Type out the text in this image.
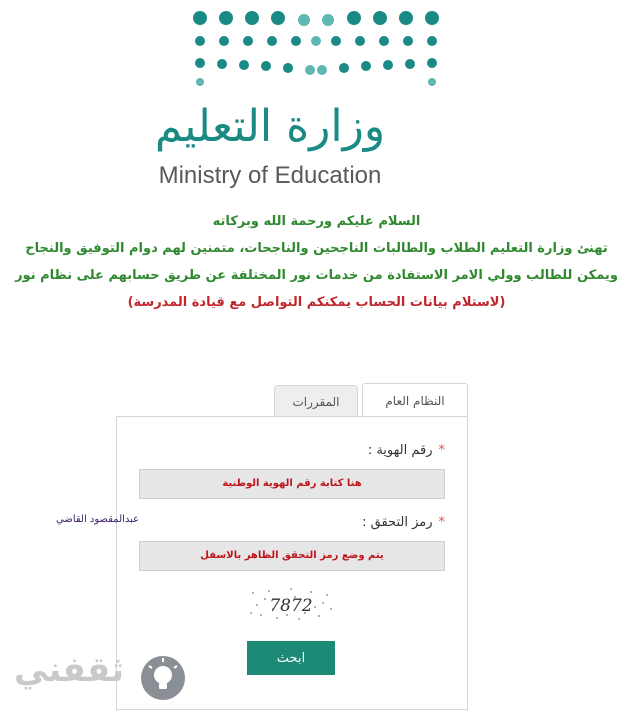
وزارة التعليم
Ministry of Education
السلام عليكم ورحمة الله وبركاته
تهنئ وزارة التعليم الطلاب والطالبات الناجحين والناجحات، متمنين لهم دوام التوفيق والنجاح
ويمكن للطالب وولي الامر الاستفادة من خدمات نور المختلفة عن طريق حسابهم على نظام نور
(لاستلام بيانات الحساب يمكنكم التواصل مع قيادة المدرسة)
النظام العام
المقررات
*رقم الهوية :
هنا كتابة رقم الهوية الوطنية
*رمز التحقق :
يتم وضع رمز التحقق الظاهر بالاسفل
7872
ابحث
عبدالمقصود القاضي
ثقفني
